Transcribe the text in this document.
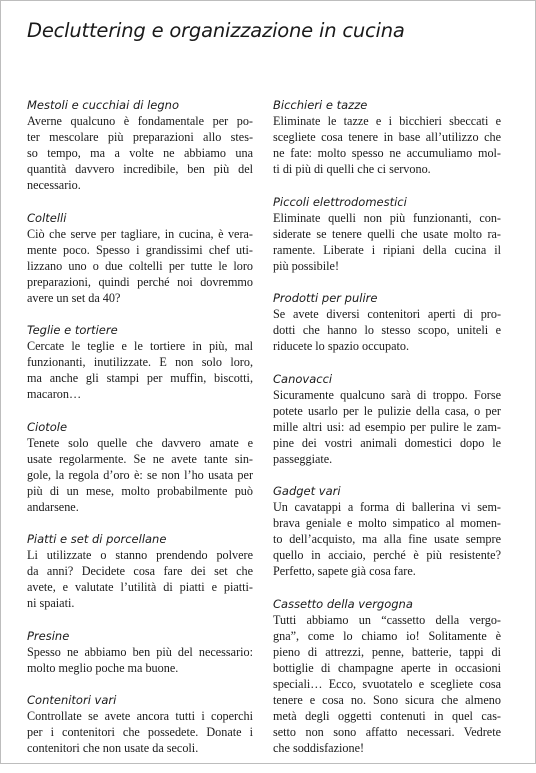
Decluttering e organizzazione in cucina
Mestoli e cucchiai di legno
Averne qualcuno è fondamentale per po-
ter mescolare più preparazioni allo stes-
so tempo, ma a volte ne abbiamo una
quantità davvero incredibile, ben più del
necessario.
Coltelli
Ciò che serve per tagliare, in cucina, è vera-
mente poco. Spesso i grandissimi chef uti-
lizzano uno o due coltelli per tutte le loro
preparazioni, quindi perché noi dovremmo
avere un set da 40?
Teglie e tortiere
Cercate le teglie e le tortiere in più, mal
funzionanti, inutilizzate. E non solo loro,
ma anche gli stampi per muffin, biscotti,
macaron…
Ciotole
Tenete solo quelle che davvero amate e
usate regolarmente. Se ne avete tante sin-
gole, la regola d’oro è: se non l’ho usata per
più di un mese, molto probabilmente può
andarsene.
Piatti e set di porcellane
Li utilizzate o stanno prendendo polvere
da anni? Decidete cosa fare dei set che
avete, e valutate l’utilità di piatti e piatti-
ni spaiati.
Presine
Spesso ne abbiamo ben più del necessario:
molto meglio poche ma buone.
Contenitori vari
Controllate se avete ancora tutti i coperchi
per i contenitori che possedete. Donate i
contenitori che non usate da secoli.
Bicchieri e tazze
Eliminate le tazze e i bicchieri sbeccati e
scegliete cosa tenere in base all’utilizzo che
ne fate: molto spesso ne accumuliamo mol-
ti di più di quelli che ci servono.
Piccoli elettrodomestici
Eliminate quelli non più funzionanti, con-
siderate se tenere quelli che usate molto ra-
ramente. Liberate i ripiani della cucina il
più possibile!
Prodotti per pulire
Se avete diversi contenitori aperti di pro-
dotti che hanno lo stesso scopo, uniteli e
riducete lo spazio occupato.
Canovacci
Sicuramente qualcuno sarà di troppo. Forse
potete usarlo per le pulizie della casa, o per
mille altri usi: ad esempio per pulire le zam-
pine dei vostri animali domestici dopo le
passeggiate.
Gadget vari
Un cavatappi a forma di ballerina vi sem-
brava geniale e molto simpatico al momen-
to dell’acquisto, ma alla fine usate sempre
quello in acciaio, perché è più resistente?
Perfetto, sapete già cosa fare.
Cassetto della vergogna
Tutti abbiamo un “cassetto della vergo-
gna”, come lo chiamo io! Solitamente è
pieno di attrezzi, penne, batterie, tappi di
bottiglie di champagne aperte in occasioni
speciali… Ecco, svuotatelo e scegliete cosa
tenere e cosa no. Sono sicura che almeno
metà degli oggetti contenuti in quel cas-
setto non sono affatto necessari. Vedrete
che soddisfazione!
